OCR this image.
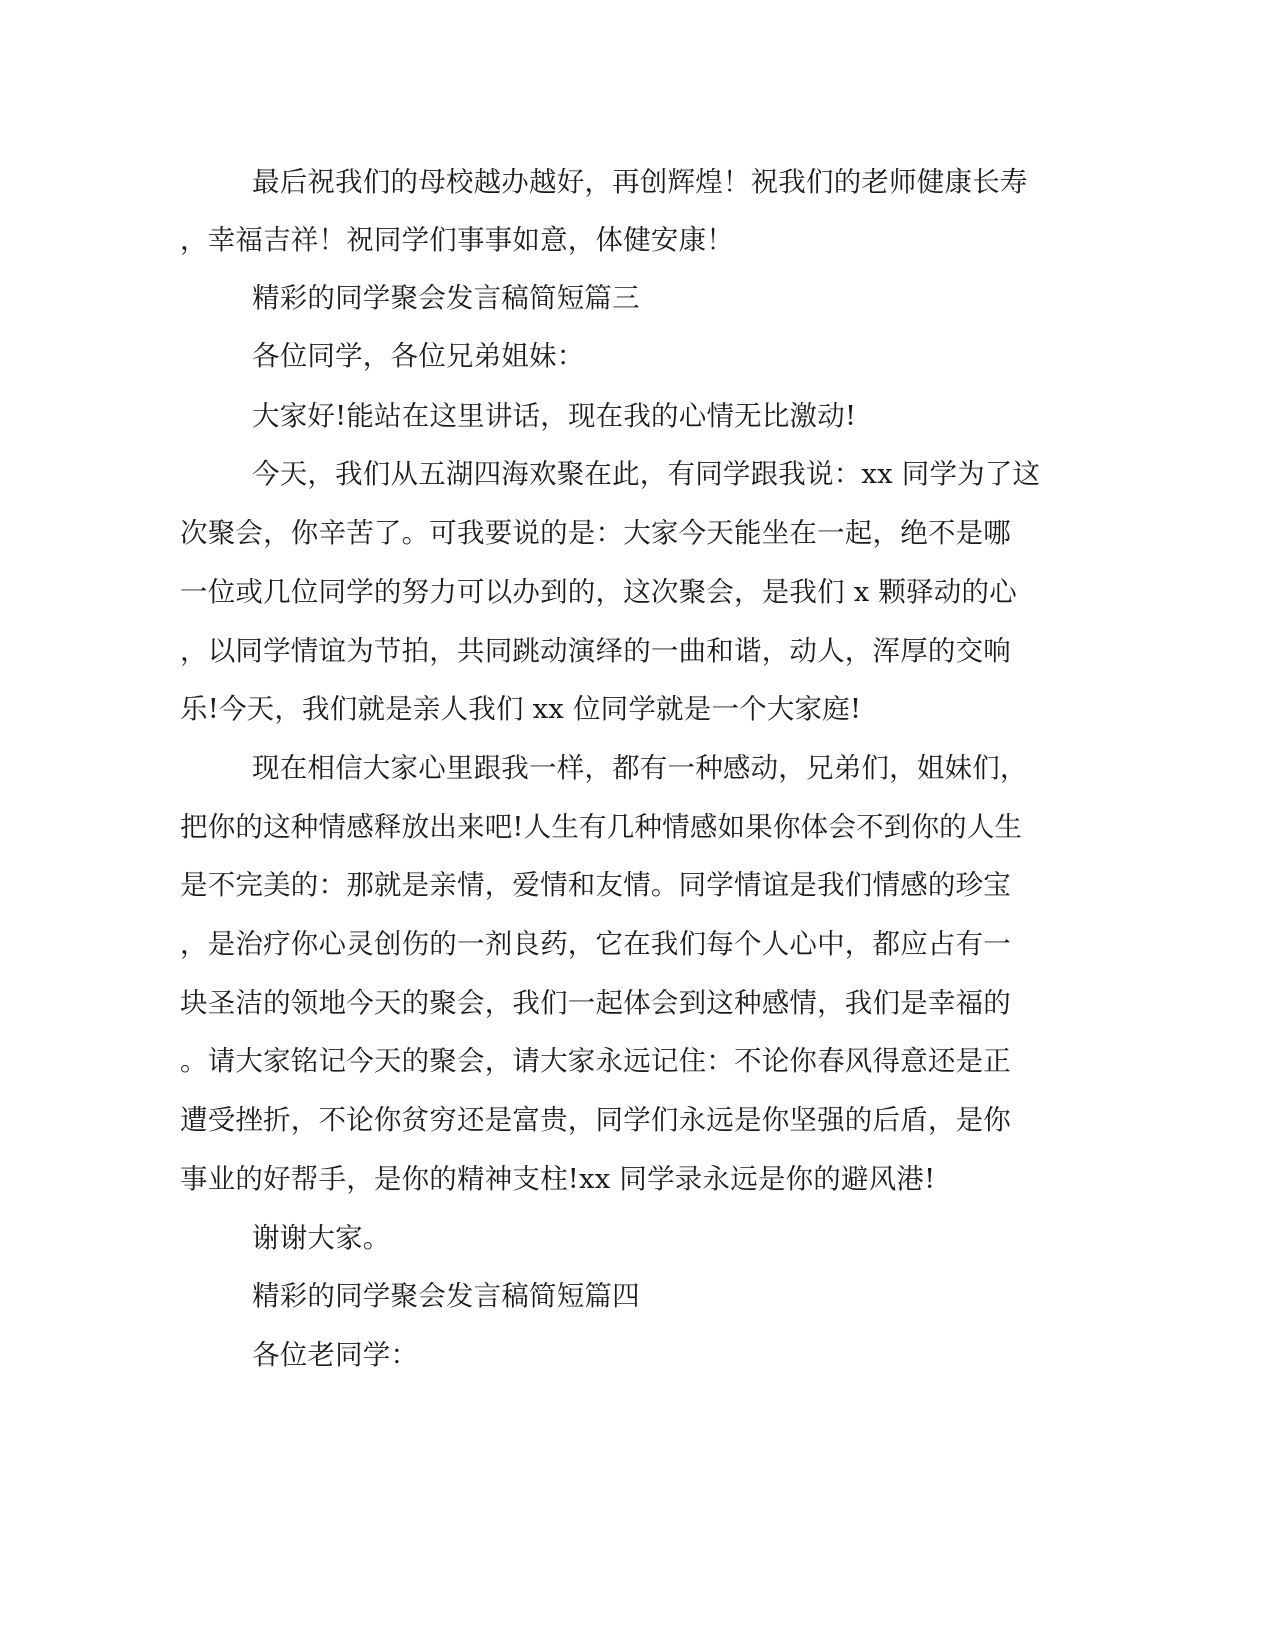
最后祝我们的母校越办越好，再创辉煌！祝我们的老师健康长寿

，幸福吉祥！祝同学们事事如意，体健安康！

精彩的同学聚会发言稿简短篇三

各位同学，各位兄弟姐妹：

大家好!能站在这里讲话，现在我的心情无比激动!

今天，我们从五湖四海欢聚在此，有同学跟我说：xx 同学为了这

次聚会，你辛苦了。可我要说的是：大家今天能坐在一起，绝不是哪

一位或几位同学的努力可以办到的，这次聚会，是我们 x 颗驿动的心

，以同学情谊为节拍，共同跳动演绎的一曲和谐，动人，浑厚的交响

乐!今天，我们就是亲人我们 xx 位同学就是一个大家庭!

现在相信大家心里跟我一样，都有一种感动，兄弟们，姐妹们，

把你的这种情感释放出来吧!人生有几种情感如果你体会不到你的人生

是不完美的：那就是亲情，爱情和友情。同学情谊是我们情感的珍宝

，是治疗你心灵创伤的一剂良药，它在我们每个人心中，都应占有一

块圣洁的领地今天的聚会，我们一起体会到这种感情，我们是幸福的

。请大家铭记今天的聚会，请大家永远记住：不论你春风得意还是正

遭受挫折，不论你贫穷还是富贵，同学们永远是你坚强的后盾，是你

事业的好帮手，是你的精神支柱!xx 同学录永远是你的避风港!

谢谢大家。

精彩的同学聚会发言稿简短篇四

各位老同学：
